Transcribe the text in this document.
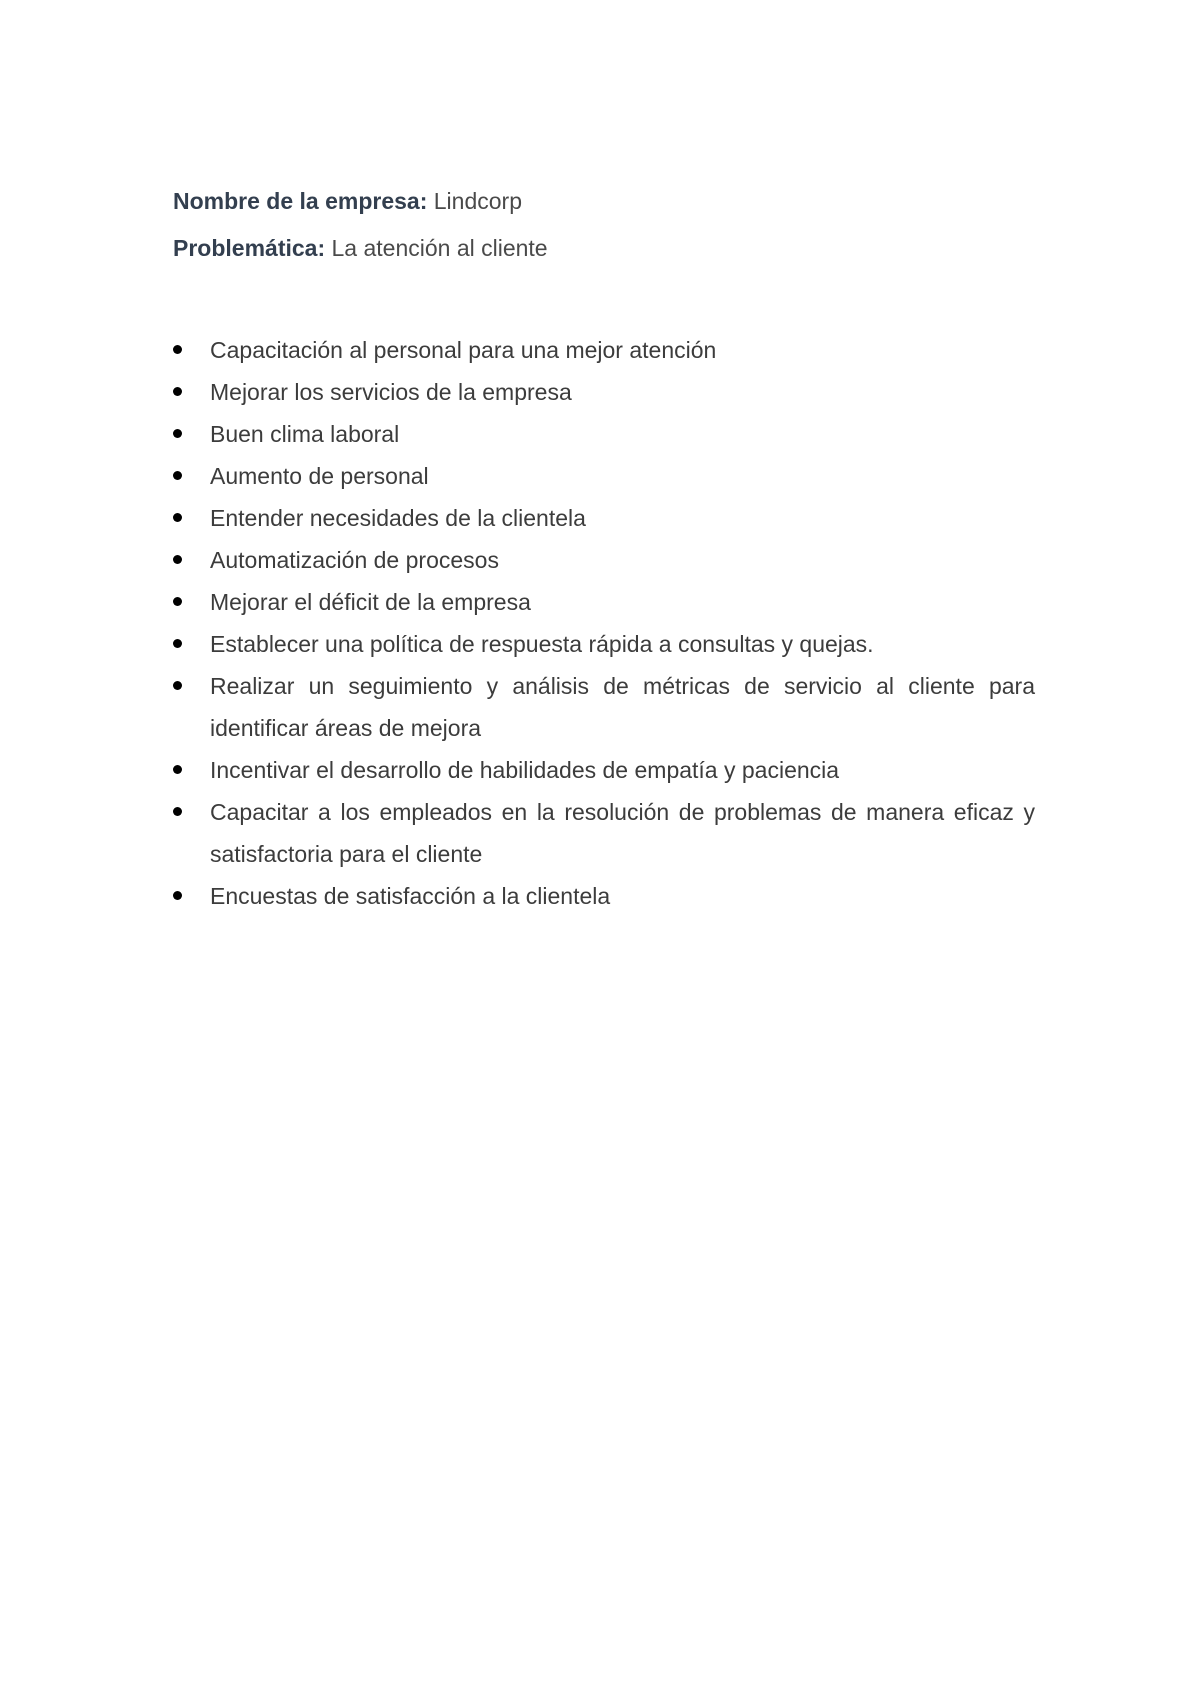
Nombre de la empresa: Lindcorp

Problemática: La atención al cliente

Capacitación al personal para una mejor atención
Mejorar los servicios de la empresa
Buen clima laboral
Aumento de personal
Entender necesidades de la clientela
Automatización de procesos
Mejorar el déficit de la empresa
Establecer una política de respuesta rápida a consultas y quejas.
Realizar un seguimiento y análisis de métricas de servicio al cliente para identificar áreas de mejora
Incentivar el desarrollo de habilidades de empatía y paciencia
Capacitar a los empleados en la resolución de problemas de manera eficaz y satisfactoria para el cliente
Encuestas de satisfacción a la clientela
